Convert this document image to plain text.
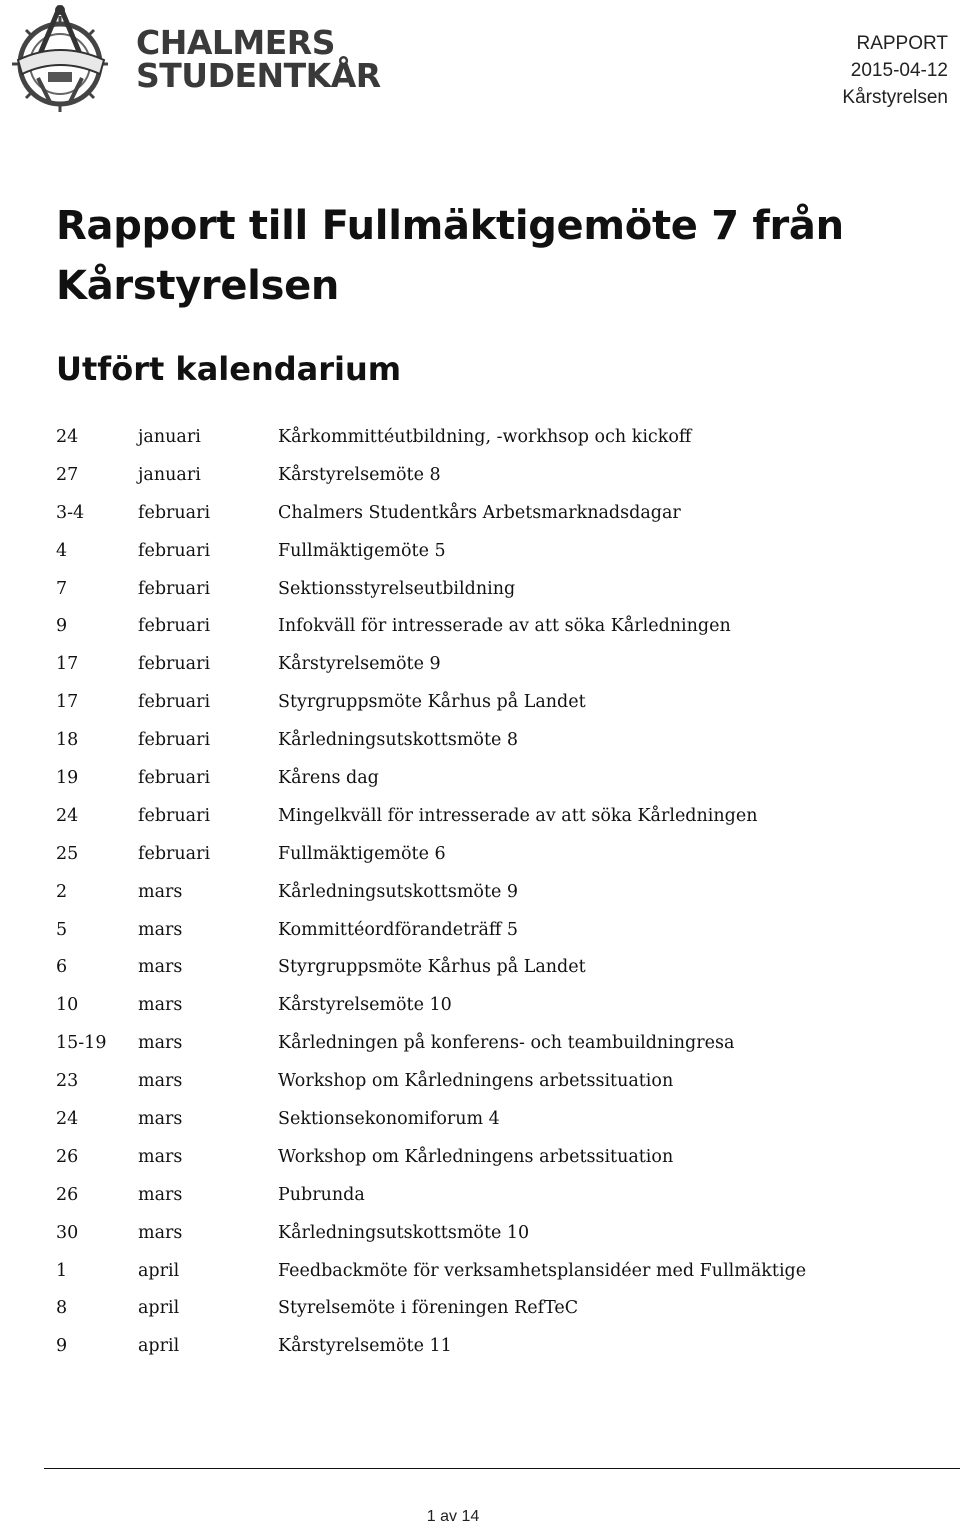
CHALMERS
STUDENTKÅR
RAPPORT
2015-04-12
Kårstyrelsen
Rapport till Fullmäktigemöte 7 från Kårstyrelsen
Utfört kalendarium
24	januari	Kårkommittéutbildning, -workhsop och kickoff
27	januari	Kårstyrelsemöte 8
3-4	februari	Chalmers Studentkårs Arbetsmarknadsdagar
4	februari	Fullmäktigemöte 5
7	februari	Sektionsstyrelseutbildning
9	februari	Infokväll för intresserade av att söka Kårledningen
17	februari	Kårstyrelsemöte 9
17	februari	Styrgruppsmöte Kårhus på Landet
18	februari	Kårledningsutskottsmöte 8
19	februari	Kårens dag
24	februari	Mingelkväll för intresserade av att söka Kårledningen
25	februari	Fullmäktigemöte 6
2	mars	Kårledningsutskottsmöte 9
5	mars	Kommittéordförandeträff 5
6	mars	Styrgruppsmöte Kårhus på Landet
10	mars	Kårstyrelsemöte 10
15-19	mars	Kårledningen på konferens- och teambuildningresa
23	mars	Workshop om Kårledningens arbetssituation
24	mars	Sektionsekonomiforum 4
26	mars	Workshop om Kårledningens arbetssituation
26	mars	Pubrunda
30	mars	Kårledningsutskottsmöte 10
1	april	Feedbackmöte för verksamhetsplansidéer med Fullmäktige
8	april	Styrelsemöte i föreningen RefTeC
9	april	Kårstyrelsemöte 11
1 av 14
